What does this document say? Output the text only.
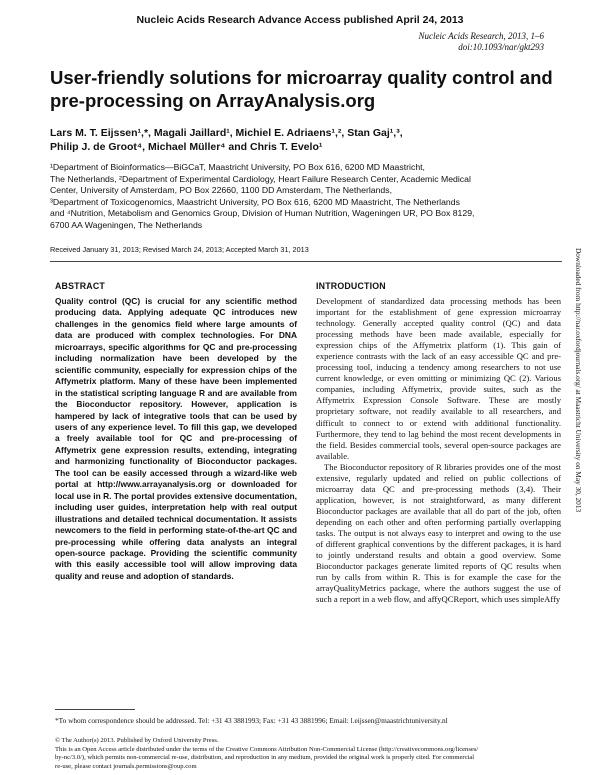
Nucleic Acids Research Advance Access published April 24, 2013
Nucleic Acids Research, 2013, 1–6
doi:10.1093/nar/gkt293
User-friendly solutions for microarray quality control and pre-processing on ArrayAnalysis.org
Lars M. T. Eijssen¹,*, Magali Jaillard¹, Michiel E. Adriaens¹,², Stan Gaj¹,³,
Philip J. de Groot⁴, Michael Müller⁴ and Chris T. Evelo¹
¹Department of Bioinformatics—BiGCaT, Maastricht University, PO Box 616, 6200 MD Maastricht,
The Netherlands, ²Department of Experimental Cardiology, Heart Failure Research Center, Academic Medical
Center, University of Amsterdam, PO Box 22660, 1100 DD Amsterdam, The Netherlands,
³Department of Toxicogenomics, Maastricht University, PO Box 616, 6200 MD Maastricht, The Netherlands
and ⁴Nutrition, Metabolism and Genomics Group, Division of Human Nutrition, Wageningen UR, PO Box 8129,
6700 AA Wageningen, The Netherlands
Received January 31, 2013; Revised March 24, 2013; Accepted March 31, 2013	Downloaded from http://nar.oxfordjournals.org/ at Maastricht University on May 30, 2013
ABSTRACT
Quality control (QC) is crucial for any scientific method producing data. Applying adequate QC introduces new challenges in the genomics field where large amounts of data are produced with complex technologies. For DNA microarrays, specific algorithms for QC and pre-processing including normalization have been developed by the scientific community, especially for expression chips of the Affymetrix platform. Many of these have been implemented in the statistical scripting language R and are available from the Bioconductor repository. However, application is hampered by lack of integrative tools that can be used by users of any experience level. To fill this gap, we developed a freely available tool for QC and pre-processing of Affymetrix gene expression results, extending, integrating and harmonizing functionality of Bioconductor packages. The tool can be easily accessed through a wizard-like web portal at http://www.arrayanalysis.org or downloaded for local use in R. The portal provides extensive documentation, including user guides, interpretation help with real output illustrations and detailed technical documentation. It assists newcomers to the field in performing state-of-the-art QC and pre-processing while offering data analysts an integral open-source package. Providing the scientific community with this easily accessible tool will allow improving data quality and reuse and adoption of standards.
INTRODUCTION

Development of standardized data processing methods has been important for the establishment of gene expression microarray technology. Generally accepted quality control (QC) and data processing methods have been made available, especially for expression chips of the Affymetrix platform (1). This gain of experience contrasts with the lack of an easy accessible QC and pre-processing tool, inducing a tendency among researchers to not use current knowledge, or even omitting or minimizing QC (2). Various companies, including Affymetrix, provide suites, such as the Affymetrix Expression Console Software. These are mostly proprietary software, not readily available to all researchers, and difficult to connect to or extend with additional functionality. Furthermore, they tend to lag behind the most recent developments in the field. Besides commercial tools, several open-source packages are available.

The Bioconductor repository of R libraries provides one of the most extensive, regularly updated and relied on public collections of microarray data QC and pre-processing methods (3,4). Their application, however, is not straightforward, as many different Bioconductor packages are available that all do part of the job, often depending on each other and often performing partially overlapping tasks. The output is not always easy to interpret and owing to the use of different graphical conventions by the different packages, it is hard to jointly understand results and obtain a good overview. Some Bioconductor packages generate limited reports of QC results when run by calls from within R. This is for example the case for the arrayQualityMetrics package, where the authors suggest the use of such a report in a web flow, and affyQCReport, which uses simpleAffy

*To whom correspondence should be addressed. Tel: +31 43 3881993; Fax: +31 43 3881996; Email: l.eijssen@maastrichtuniversity.nl
© The Author(s) 2013. Published by Oxford University Press.
This is an Open Access article distributed under the terms of the Creative Commons Attribution Non-Commercial License (http://creativecommons.org/licenses/
by-nc/3.0/), which permits non-commercial re-use, distribution, and reproduction in any medium, provided the original work is properly cited. For commercial
re-use, please contact journals.permissions@oup.com
